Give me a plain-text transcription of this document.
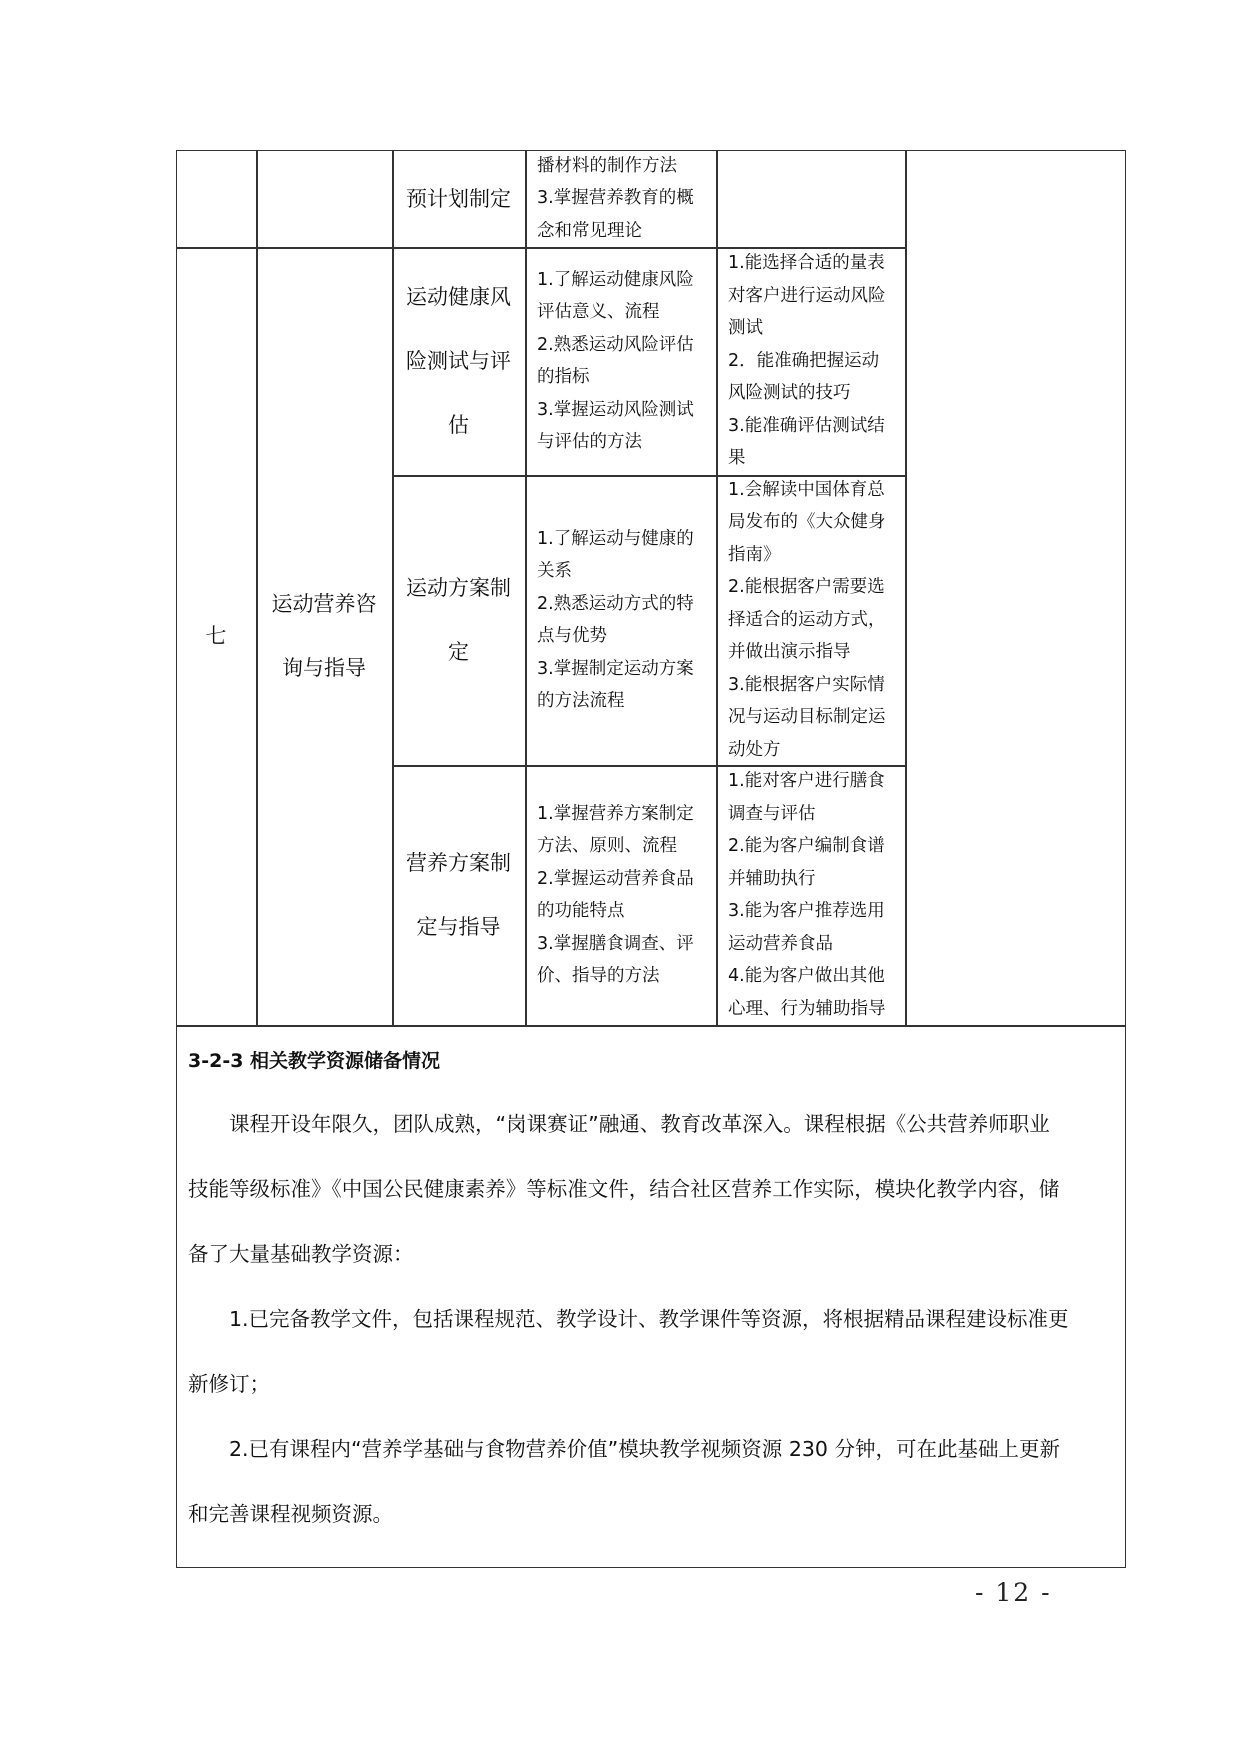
预计划制定
播材料的制作方法
3.掌握营养教育的概
念和常见理论
七
运动营养咨
询与指导
运动健康风
险测试与评
估
1.了解运动健康风险
评估意义、流程
2.熟悉运动风险评估
的指标
3.掌握运动风险测试
与评估的方法
1.能选择合适的量表
对客户进行运动风险
测试
2．能准确把握运动
风险测试的技巧
3.能准确评估测试结
果
运动方案制
定
1.了解运动与健康的
关系
2.熟悉运动方式的特
点与优势
3.掌握制定运动方案
的方法流程
1.会解读中国体育总
局发布的《大众健身
指南》
2.能根据客户需要选
择适合的运动方式，
并做出演示指导
3.能根据客户实际情
况与运动目标制定运
动处方
营养方案制
定与指导
1.掌握营养方案制定
方法、原则、流程
2.掌握运动营养食品
的功能特点
3.掌握膳食调查、评
价、指导的方法
1.能对客户进行膳食
调查与评估
2.能为客户编制食谱
并辅助执行
3.能为客户推荐选用
运动营养食品
4.能为客户做出其他
心理、行为辅助指导
3-2-3 相关教学资源储备情况
　　课程开设年限久，团队成熟，“岗课赛证”融通、教育改革深入。课程根据《公共营养师职业
技能等级标准》《中国公民健康素养》等标准文件，结合社区营养工作实际，模块化教学内容，储
备了大量基础教学资源：
　　1.已完备教学文件，包括课程规范、教学设计、教学课件等资源，将根据精品课程建设标准更
新修订；
　　2.已有课程内“营养学基础与食物营养价值”模块教学视频资源 230 分钟，可在此基础上更新
和完善课程视频资源。
- 12 -
